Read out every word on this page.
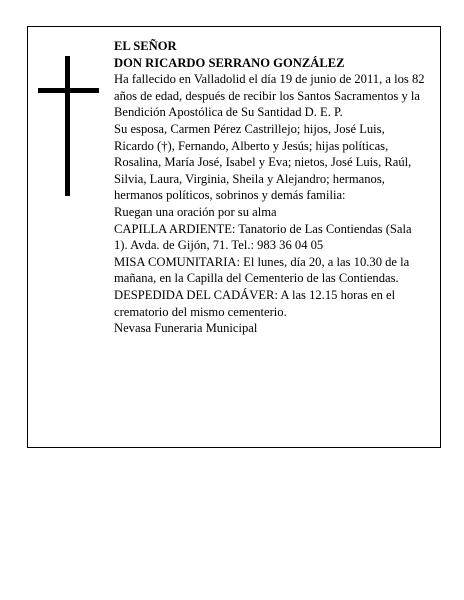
EL SEÑOR

DON RICARDO SERRANO GONZÁLEZ

Ha fallecido en Valladolid el día 19 de junio de 2011, a los 82 años de edad, después de recibir los Santos Sacramentos y la Bendición Apostólica de Su Santidad D. E. P.

Su esposa, Carmen Pérez Castrillejo; hijos, José Luis, Ricardo (†), Fernando, Alberto y Jesús; hijas políticas, Rosalina, María José, Isabel y Eva; nietos, José Luis, Raúl, Silvia, Laura, Virginia, Sheila y Alejandro; hermanos, hermanos políticos, sobrinos y demás familia:

Ruegan una oración por su alma

CAPILLA ARDIENTE: Tanatorio de Las Contiendas (Sala 1). Avda. de Gijón, 71. Tel.: 983 36 04 05

MISA COMUNITARIA: El lunes, día 20, a las 10.30 de la mañana, en la Capilla del Cementerio de las Contiendas.

DESPEDIDA DEL CADÁVER: A las 12.15 horas en el crematorio del mismo cementerio.

Nevasa Funeraria Municipal
